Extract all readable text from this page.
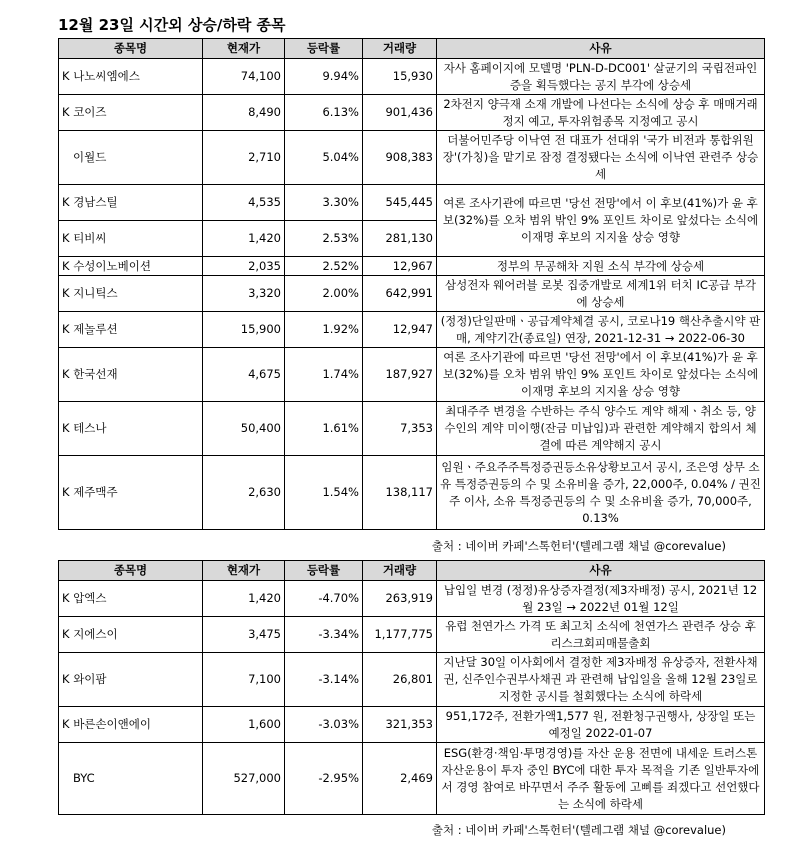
12월 23일 시간외 상승/하락 종목
종목명	현재가	등락률	거래량	사유
K 나노씨엠에스	74,100	9.94%	15,930	자사 홈페이지에 모델명 'PLN-D-DC001' 살균기의 국립전파인증을 획득했다는 공지 부각에 상승세
K 코이즈	8,490	6.13%	901,436	2차전지 양극재 소재 개발에 나선다는 소식에 상승 후 매매거래정지 예고, 투자위험종목 지정예고 공시
이월드	2,710	5.04%	908,383	더불어민주당 이낙연 전 대표가 선대위 '국가 비전과 통합위원장'(가칭)을 맡기로 잠정 결정됐다는 소식에 이낙연 관련주 상승세
K 경남스틸	4,535	3.30%	545,445	여론 조사기관에 따르면 '당선 전망'에서 이 후보(41%)가 윤 후보(32%)를 오차 범위 밖인 9% 포인트 차이로 앞섰다는 소식에 이재명 후보의 지지율 상승 영향
K 티비씨	1,420	2.53%	281,130	
K 수성이노베이션	2,035	2.52%	12,967	정부의 무공해차 지원 소식 부각에 상승세
K 지니틱스	3,320	2.00%	642,991	삼성전자 웨어러블 로봇 집중개발로 세계1위 터치 IC공급 부각에 상승세
K 제놀루션	15,900	1.92%	12,947	(정정)단일판매ㆍ공급계약체결 공시, 코로나19 핵산추출시약 판매, 계약기간(종료일) 연장, 2021-12-31 → 2022-06-30
K 한국선재	4,675	1.74%	187,927	여론 조사기관에 따르면 '당선 전망'에서 이 후보(41%)가 윤 후보(32%)를 오차 범위 밖인 9% 포인트 차이로 앞섰다는 소식에 이재명 후보의 지지율 상승 영향
K 테스나	50,400	1.61%	7,353	최대주주 변경을 수반하는 주식 양수도 계약 해제ㆍ취소 등, 양수인의 계약 미이행(잔금 미납입)과 관련한 계약해지 합의서 체결에 따른 계약해지 공시
K 제주맥주	2,630	1.54%	138,117	임원ㆍ주요주주특정증권등소유상황보고서 공시, 조은영 상무 소유 특정증권등의 수 및 소유비율 증가, 22,000주, 0.04% / 권진주 이사, 소유 특정증권등의 수 및 소유비율 증가, 70,000주, 0.13%
출처 : 네이버 카페'스톡헌터'(텔레그램 채널 @corevalue)
종목명	현재가	등락률	거래량	사유
K 압엑스	1,420	-4.70%	263,919	납입일 변경 (정정)유상증자결정(제3자배정) 공시, 2021년 12월 23일 → 2022년 01월 12일
K 지에스이	3,475	-3.34%	1,177,775	유럽 천연가스 가격 또 최고치 소식에 천연가스 관련주 상승 후 리스크회피매물출회
K 와이팜	7,100	-3.14%	26,801	지난달 30일 이사회에서 결정한 제3자배정 유상증자, 전환사채권, 신주인수권부사채권 과 관련해 납입일을 올해 12월 23일로 지정한 공시를 철회했다는 소식에 하락세
K 바른손이앤에이	1,600	-3.03%	321,353	951,172주, 전환가액1,577 원, 전환청구권행사, 상장일 또는 예정일 2022-01-07
BYC	527,000	-2.95%	2,469	ESG(환경·책임·투명경영)를 자산 운용 전면에 내세운 트러스톤자산운용이 투자 중인 BYC에 대한 투자 목적을 기존 일반투자에서 경영 참여로 바꾸면서 주주 활동에 고삐를 죄겠다고 선언했다는 소식에 하락세
출처 : 네이버 카페'스톡헌터'(텔레그램 채널 @corevalue)
